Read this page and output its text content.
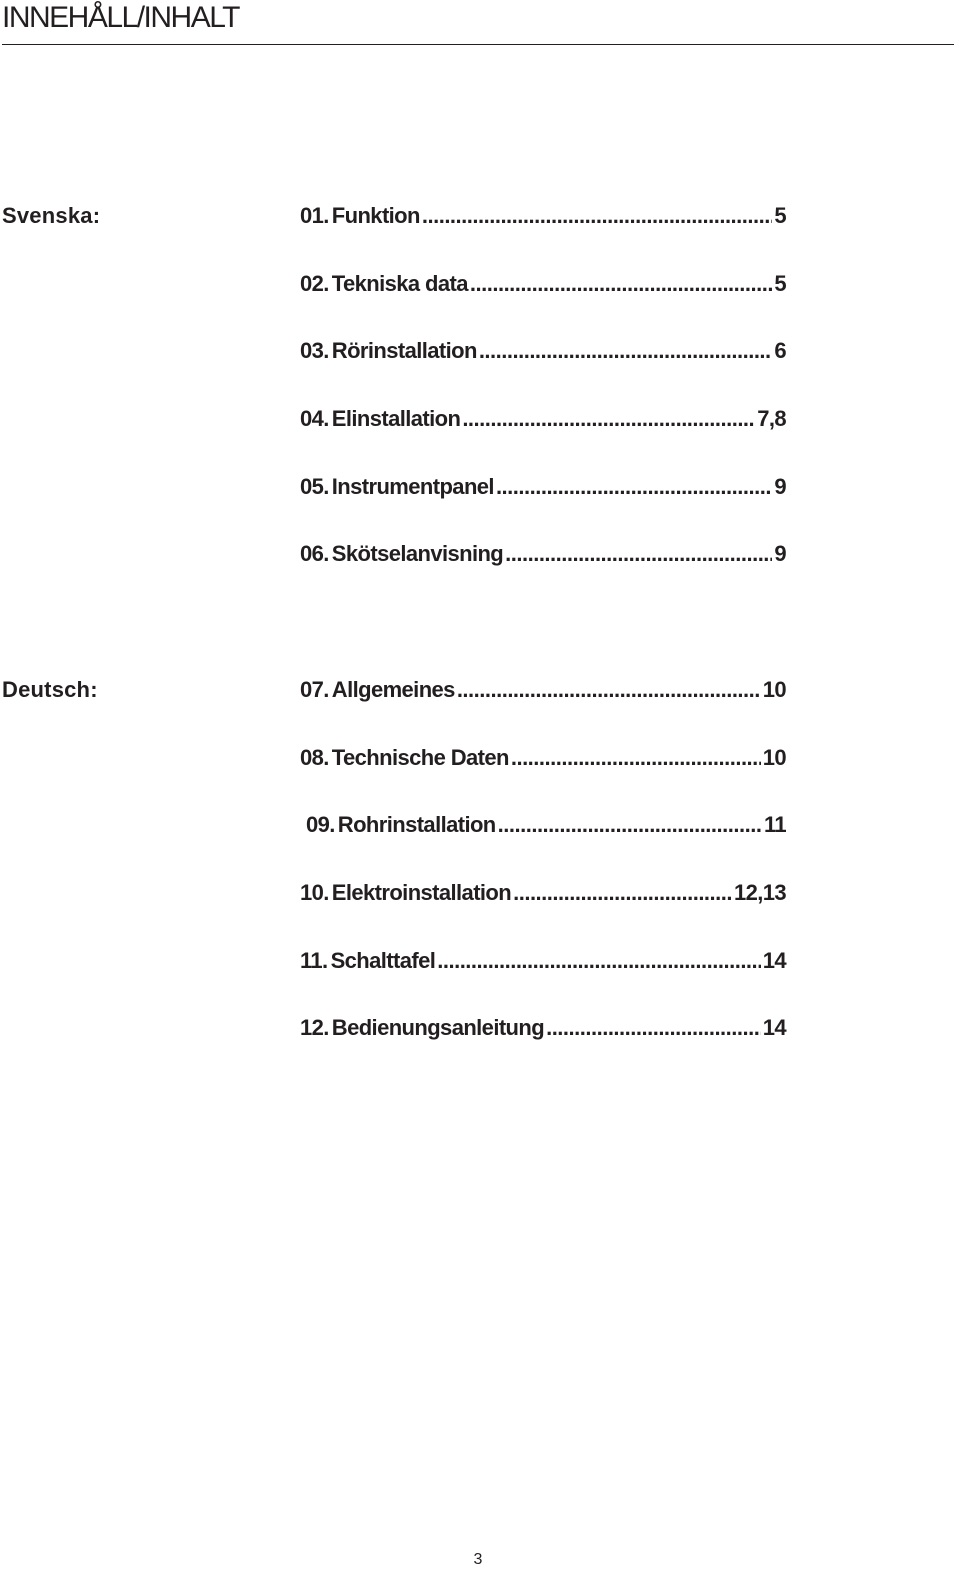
INNEHÅLL/INHALT
Svenska:	01. Funktion .....	5
02. Tekniska data .....	5
03. Rörinstallation .....	6
04. Elinstallation .....	7,8
05. Instrumentpanel .....	9
06. Skötselanvisning .....	9
Deutsch:	07. Allgemeines .....	10
08. Technische Daten .....	10
09. Rohrinstallation .....	11
10. Elektroinstallation .....	12,13
11. Schalttafel .....	14
12. Bedienungsanleitung .....	14
3
